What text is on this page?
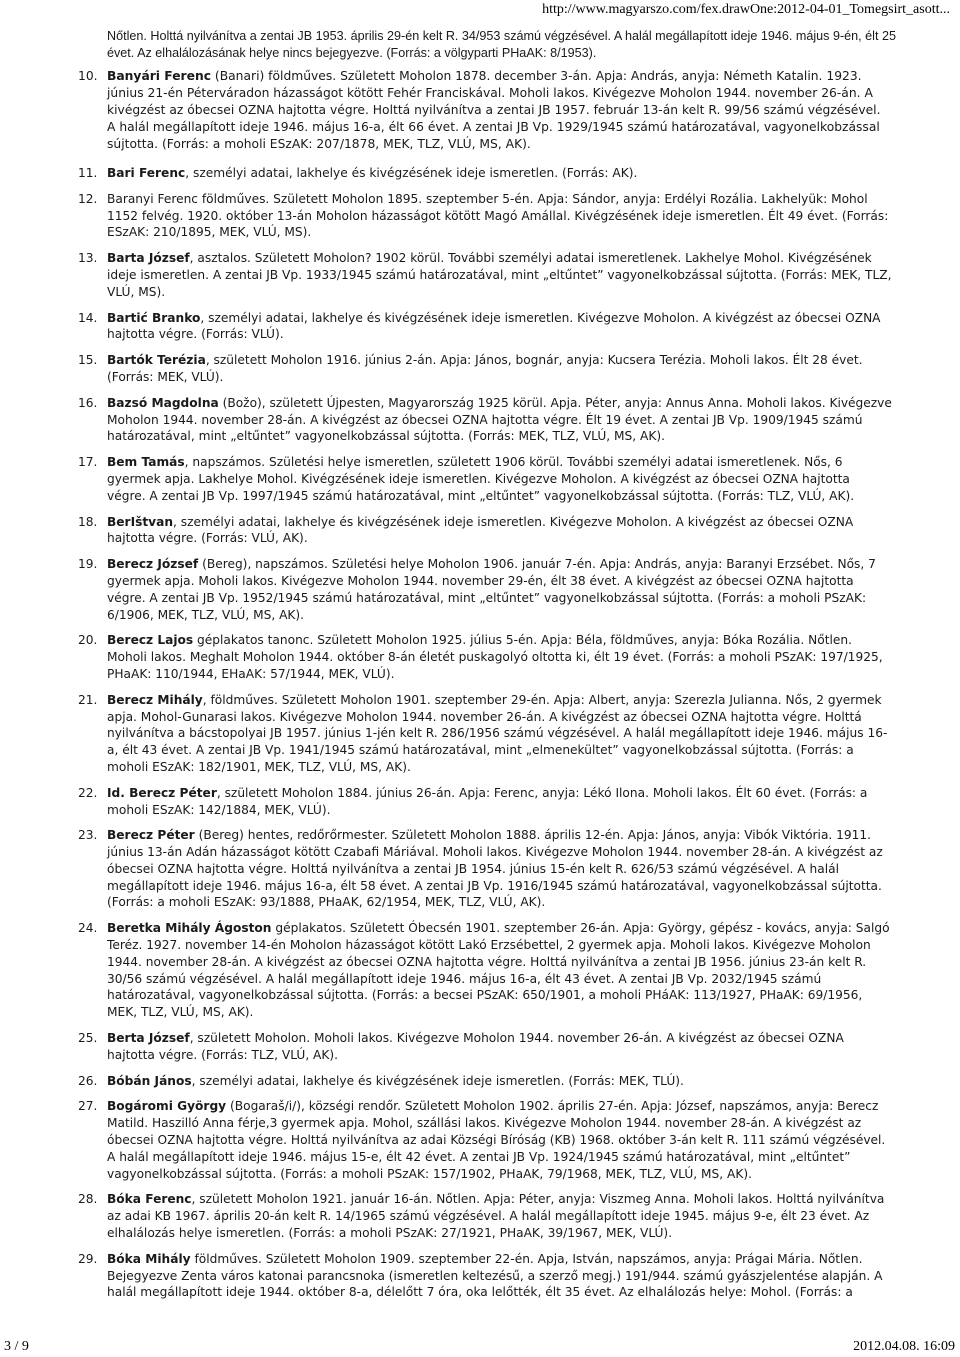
http://www.magyarszo.com/fex.drawOne:2012-04-01_Tomegsirt_asott...
Nőtlen. Holttá nyilvánítva a zentai JB 1953. április 29-én kelt R. 34/953 számú végzésével. A halál megállapított ideje 1946. május 9-én, élt 25 évet. Az elhalálozásának helye nincs bejegyezve. (Forrás: a völgyparti PHaAK: 8/1953).
10. Banyári Ferenc (Banari) földműves. Született Moholon 1878. december 3-án. Apja: András, anyja: Németh Katalin. 1923. június 21-én Péterváradon házasságot kötött Fehér Franciskával. Moholi lakos. Kivégezve Moholon 1944. november 26-án. A kivégzést az óbecsei OZNA hajtotta végre. Holttá nyilvánítva a zentai JB 1957. február 13-án kelt R. 99/56 számú végzésével. A halál megállapított ideje 1946. május 16-a, élt 66 évet. A zentai JB Vp. 1929/1945 számú határozatával, vagyonelkobzással sújtotta. (Forrás: a moholi ESzAK: 207/1878, MEK, TLZ, VLÚ, MS, AK).
11. Bari Ferenc, személyi adatai, lakhelye és kivégzésének ideje ismeretlen. (Forrás: AK).
12. Baranyi Ferenc földműves. Született Moholon 1895. szeptember 5-én. Apja: Sándor, anyja: Erdélyi Rozália. Lakhelyük: Mohol 1152 felvég. 1920. október 13-án Moholon házasságot kötött Magó Amállal. Kivégzésének ideje ismeretlen. Élt 49 évet. (Forrás: ESzAK: 210/1895, MEK, VLÚ, MS).
13. Barta József, asztalos. Született Moholon? 1902 körül. További személyi adatai ismeretlenek. Lakhelye Mohol. Kivégzésének ideje ismeretlen. A zentai JB Vp. 1933/1945 számú határozatával, mint „eltűntet” vagyonelkobzással sújtotta. (Forrás: MEK, TLZ, VLÚ, MS).
14. Bartić Branko, személyi adatai, lakhelye és kivégzésének ideje ismeretlen. Kivégezve Moholon. A kivégzést az óbecsei OZNA hajtotta végre. (Forrás: VLÚ).
15. Bartók Terézia, született Moholon 1916. június 2-án. Apja: János, bognár, anyja: Kucsera Terézia. Moholi lakos. Élt 28 évet. (Forrás: MEK, VLÚ).
16. Bazsó Magdolna (Božo), született Újpesten, Magyarország 1925 körül. Apja. Péter, anyja: Annus Anna. Moholi lakos. Kivégezve Moholon 1944. november 28-án. A kivégzést az óbecsei OZNA hajtotta végre. Élt 19 évet. A zentai JB Vp. 1909/1945 számú határozatával, mint „eltűntet” vagyonelkobzással sújtotta. (Forrás: MEK, TLZ, VLÚ, MS, AK).
17. Bem Tamás, napszámos. Születési helye ismeretlen, született 1906 körül. További személyi adatai ismeretlenek. Nős, 6 gyermek apja. Lakhelye Mohol. Kivégzésének ideje ismeretlen. Kivégezve Moholon. A kivégzést az óbecsei OZNA hajtotta végre. A zentai JB Vp. 1997/1945 számú határozatával, mint „eltűntet” vagyonelkobzással sújtotta. (Forrás: TLZ, VLÚ, AK).
18. BerIštvan, személyi adatai, lakhelye és kivégzésének ideje ismeretlen. Kivégezve Moholon. A kivégzést az óbecsei OZNA hajtotta végre. (Forrás: VLÚ, AK).
19. Berecz József (Bereg), napszámos. Születési helye Moholon 1906. január 7-én. Apja: András, anyja: Baranyi Erzsébet. Nős, 7 gyermek apja. Moholi lakos. Kivégezve Moholon 1944. november 29-én, élt 38 évet. A kivégzést az óbecsei OZNA hajtotta végre. A zentai JB Vp. 1952/1945 számú határozatával, mint „eltűntet” vagyonelkobzással sújtotta. (Forrás: a moholi PSzAK: 6/1906, MEK, TLZ, VLÚ, MS, AK).
20. Berecz Lajos géplakatos tanonc. Született Moholon 1925. július 5-én. Apja: Béla, földműves, anyja: Bóka Rozália. Nőtlen. Moholi lakos. Meghalt Moholon 1944. október 8-án életét puskagolyó oltotta ki, élt 19 évet. (Forrás: a moholi PSzAK: 197/1925, PHaAK: 110/1944, EHaAK: 57/1944, MEK, VLÚ).
21. Berecz Mihály, földműves. Született Moholon 1901. szeptember 29-én. Apja: Albert, anyja: Szerezla Julianna. Nős, 2 gyermek apja. Mohol-Gunarasi lakos. Kivégezve Moholon 1944. november 26-án. A kivégzést az óbecsei OZNA hajtotta végre. Holttá nyilvánítva a bácstopolyai JB 1957. június 1-jén kelt R. 286/1956 számú végzésével. A halál megállapított ideje 1946. május 16-a, élt 43 évet. A zentai JB Vp. 1941/1945 számú határozatával, mint „elmenekültet” vagyonelkobzással sújtotta. (Forrás: a moholi ESzAK: 182/1901, MEK, TLZ, VLÚ, MS, AK).
22. Id. Berecz Péter, született Moholon 1884. június 26-án. Apja: Ferenc, anyja: Lékó Ilona. Moholi lakos. Élt 60 évet. (Forrás: a moholi ESzAK: 142/1884, MEK, VLÚ).
23. Berecz Péter (Bereg) hentes, redőrőrmester. Született Moholon 1888. április 12-én. Apja: János, anyja: Vibók Viktória. 1911. június 13-án Adán házasságot kötött Czabafi Máriával. Moholi lakos. Kivégezve Moholon 1944. november 28-án. A kivégzést az óbecsei OZNA hajtotta végre. Holttá nyilvánítva a zentai JB 1954. június 15-én kelt R. 626/53 számú végzésével. A halál megállapított ideje 1946. május 16-a, élt 58 évet. A zentai JB Vp. 1916/1945 számú határozatával, vagyonelkobzással sújtotta. (Forrás: a moholi ESzAK: 93/1888, PHaAK, 62/1954, MEK, TLZ, VLÚ, AK).
24. Beretka Mihály Ágoston géplakatos. Született Óbecsén 1901. szeptember 26-án. Apja: György, gépész - kovács, anyja: Salgó Teréz. 1927. november 14-én Moholon házasságot kötött Lakó Erzsébettel, 2 gyermek apja. Moholi lakos. Kivégezve Moholon 1944. november 28-án. A kivégzést az óbecsei OZNA hajtotta végre. Holttá nyilvánítva a zentai JB 1956. június 23-án kelt R. 30/56 számú végzésével. A halál megállapított ideje 1946. május 16-a, élt 43 évet. A zentai JB Vp. 2032/1945 számú határozatával, vagyonelkobzással sújtotta. (Forrás: a becsei PSzAK: 650/1901, a moholi PHáAK: 113/1927, PHaAK: 69/1956, MEK, TLZ, VLÚ, MS, AK).
25. Berta József, született Moholon. Moholi lakos. Kivégezve Moholon 1944. november 26-án. A kivégzést az óbecsei OZNA hajtotta végre. (Forrás: TLZ, VLÚ, AK).
26. Bóbán János, személyi adatai, lakhelye és kivégzésének ideje ismeretlen. (Forrás: MEK, TLÚ).
27. Bogáromi György (Bogaraš/i/), községi rendőr. Született Moholon 1902. április 27-én. Apja: József, napszámos, anyja: Berecz Matild. Haszilló Anna férje,3 gyermek apja. Mohol, szállási lakos. Kivégezve Moholon 1944. november 28-án. A kivégzést az óbecsei OZNA hajtotta végre. Holttá nyilvánítva az adai Községi Bíróság (KB) 1968. október 3-án kelt R. 111 számú végzésével. A halál megállapított ideje 1946. május 15-e, élt 42 évet. A zentai JB Vp. 1924/1945 számú határozatával, mint „eltűntet” vagyonelkobzással sújtotta. (Forrás: a moholi PSzAK: 157/1902, PHaAK, 79/1968, MEK, TLZ, VLÚ, MS, AK).
28. Bóka Ferenc, született Moholon 1921. január 16-án. Nőtlen. Apja: Péter, anyja: Viszmeg Anna. Moholi lakos. Holttá nyilvánítva az adai KB 1967. április 20-án kelt R. 14/1965 számú végzésével. A halál megállapított ideje 1945. május 9-e, élt 23 évet. Az elhalálozás helye ismeretlen. (Forrás: a moholi PSzAK: 27/1921, PHaAK, 39/1967, MEK, VLÚ).
29. Bóka Mihály földműves. Született Moholon 1909. szeptember 22-én. Apja, István, napszámos, anyja: Prágai Mária. Nőtlen. Bejegyezve Zenta város katonai parancsnoka (ismeretlen keltezésű, a szerző megj.) 191/944. számú gyászjelentése alapján. A halál megállapított ideje 1944. október 8-a, délelőtt 7 óra, oka lelőtték, élt 35 évet. Az elhalálozás helye: Mohol. (Forrás: a
3 / 9	2012.04.08. 16:09
